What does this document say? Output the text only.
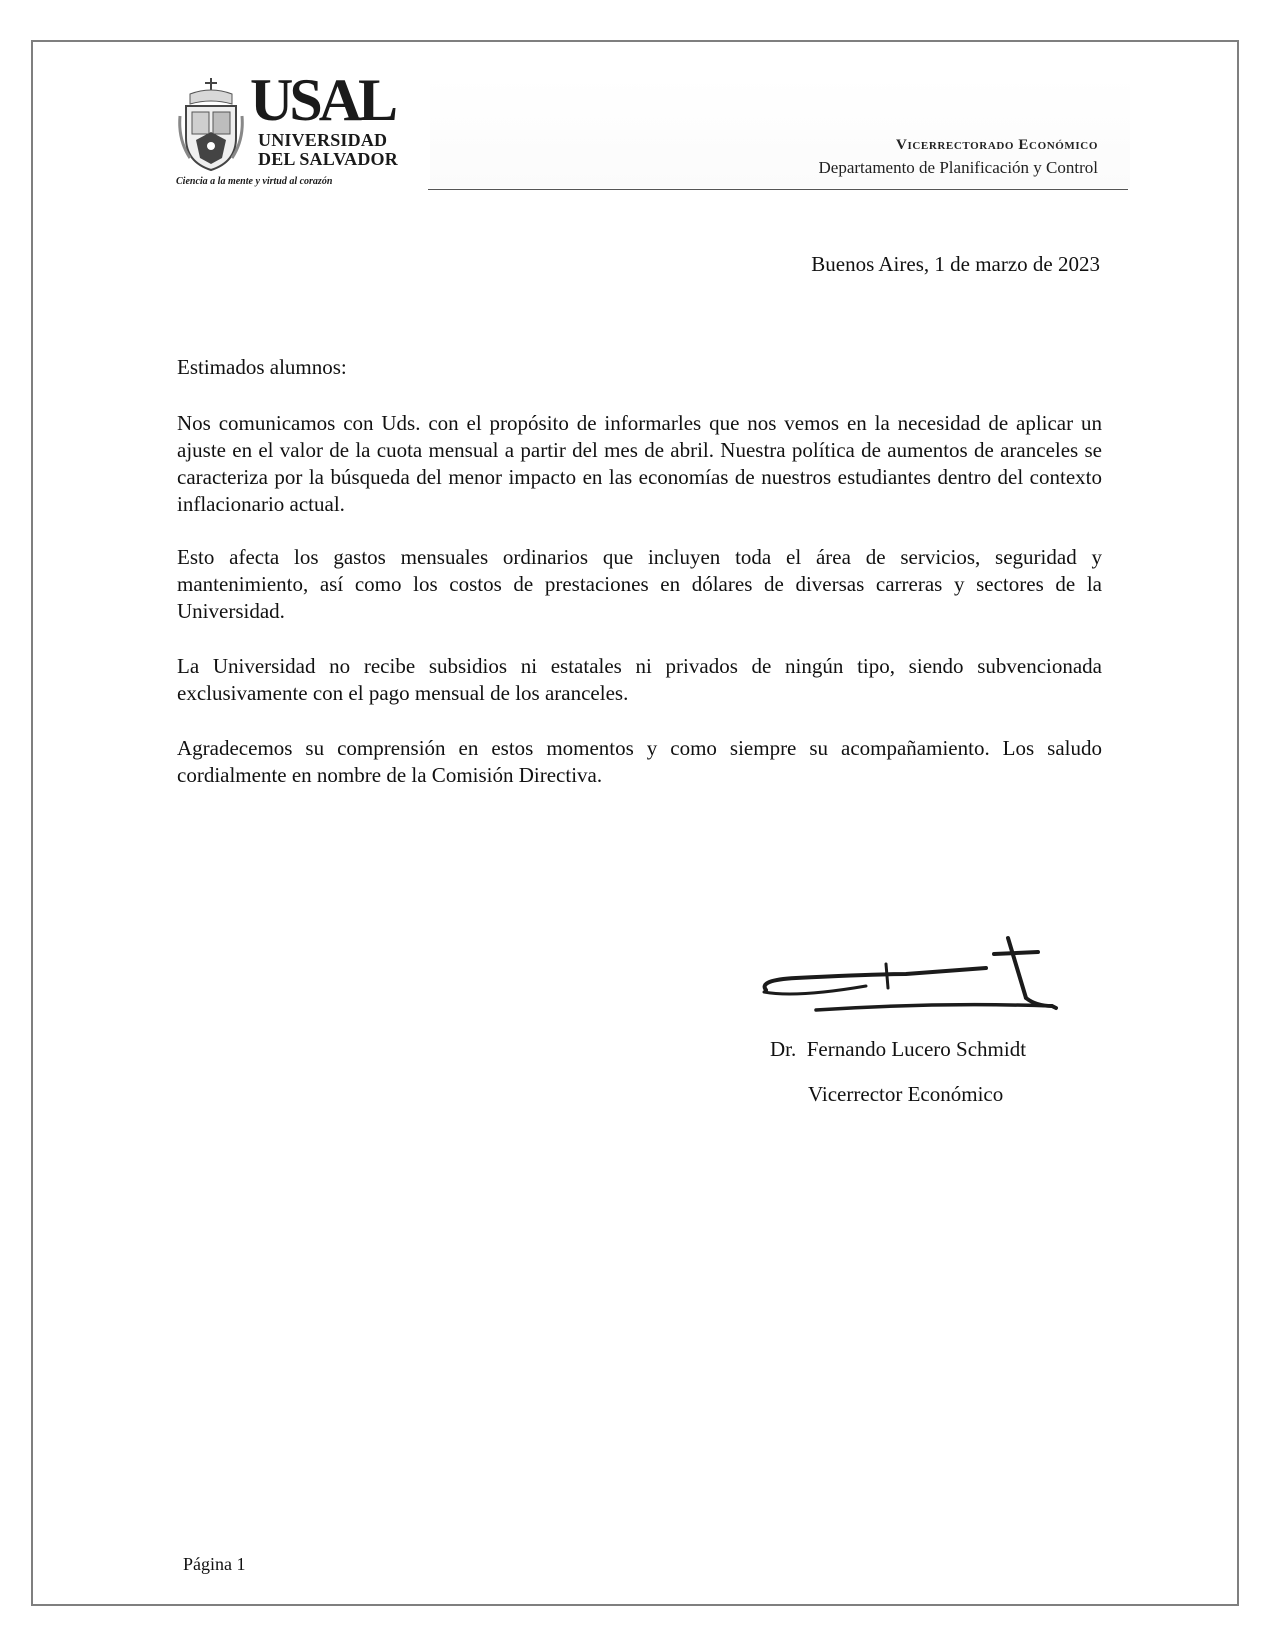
USAL
UNIVERSIDAD
DEL SALVADOR
Ciencia a la mente y virtud al corazón
Vicerrectorado Económico
Departamento de Planificación y Control
Buenos Aires, 1 de marzo de 2023
Estimados alumnos:

Nos comunicamos con Uds. con el propósito de informarles que nos vemos en la necesidad de aplicar un ajuste en el valor de la cuota mensual a partir del mes de abril. Nuestra política de aumentos de aranceles se caracteriza por la búsqueda del menor impacto en las economías de nuestros estudiantes dentro del contexto inflacionario actual.

Esto afecta los gastos mensuales ordinarios que incluyen toda el área de servicios, seguridad y mantenimiento, así como los costos de prestaciones en dólares de diversas carreras y sectores de la Universidad.

La Universidad no recibe subsidios ni estatales ni privados de ningún tipo, siendo subvencionada exclusivamente con el pago mensual de los aranceles.

Agradecemos su comprensión en estos momentos y como siempre su acompañamiento. Los saludo cordialmente en nombre de la Comisión Directiva.

Dr.  Fernando Lucero Schmidt
Vicerrector Económico
Página 1
